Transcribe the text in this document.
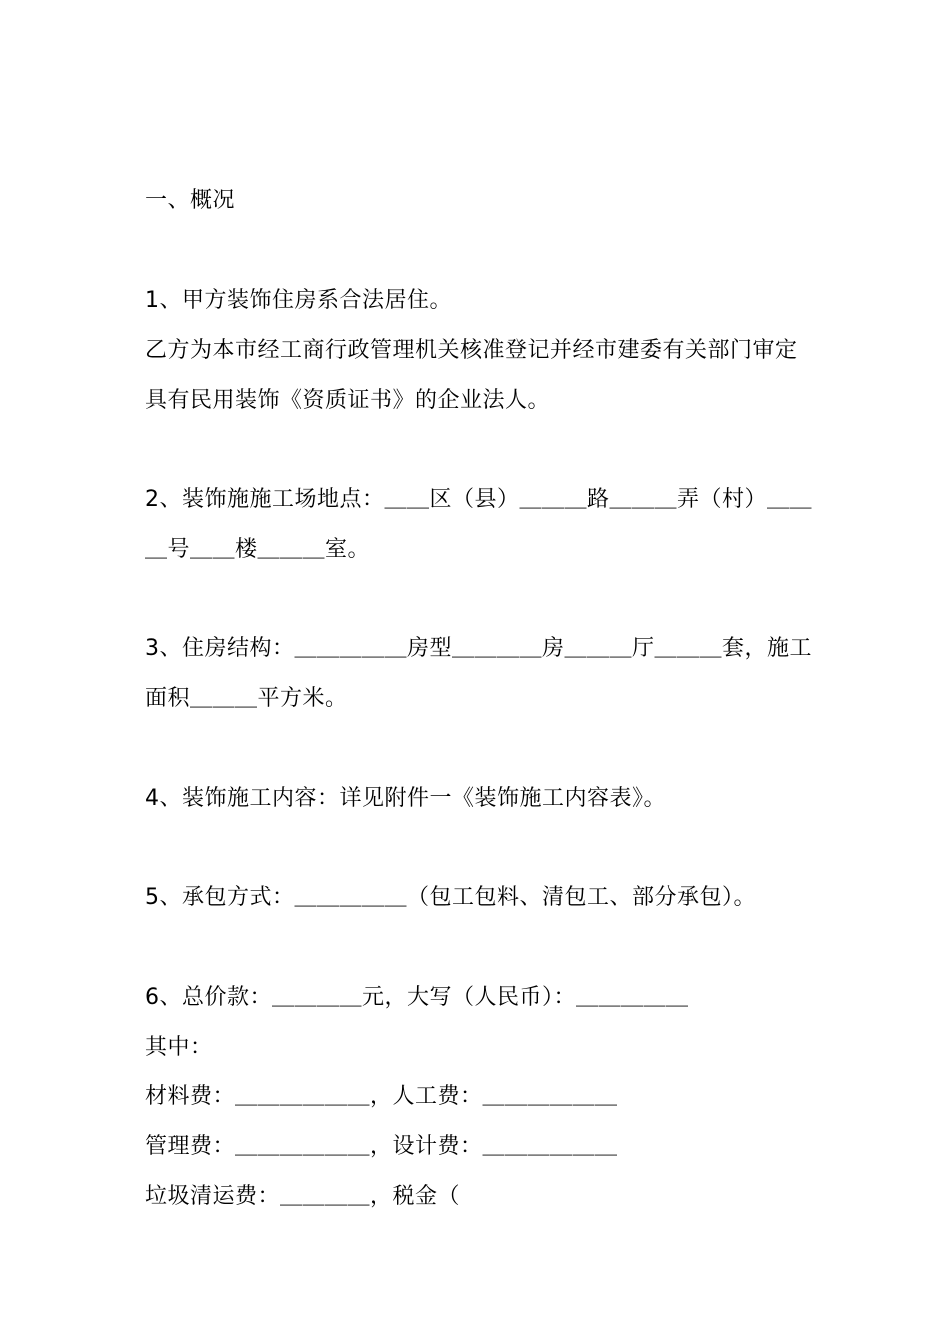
一、概况
1、甲方装饰住房系合法居住。
乙方为本市经工商行政管理机关核准登记并经市建委有关部门审定
具有民用装饰《资质证书》的企业法人。
2、装饰施施工场地点：＿＿区（县）＿＿＿路＿＿＿弄（村）＿＿
＿号＿＿楼＿＿＿室。
3、住房结构：＿＿＿＿＿房型＿＿＿＿房＿＿＿厅＿＿＿套，施工
面积＿＿＿平方米。
4、装饰施工内容：详见附件一《装饰施工内容表》。
5、承包方式：＿＿＿＿＿（包工包料、清包工、部分承包）。
6、总价款：＿＿＿＿元，大写（人民币）：＿＿＿＿＿
其中：
材料费：＿＿＿＿＿＿，人工费：＿＿＿＿＿＿
管理费：＿＿＿＿＿＿，设计费：＿＿＿＿＿＿
垃圾清运费：＿＿＿＿，税金（
